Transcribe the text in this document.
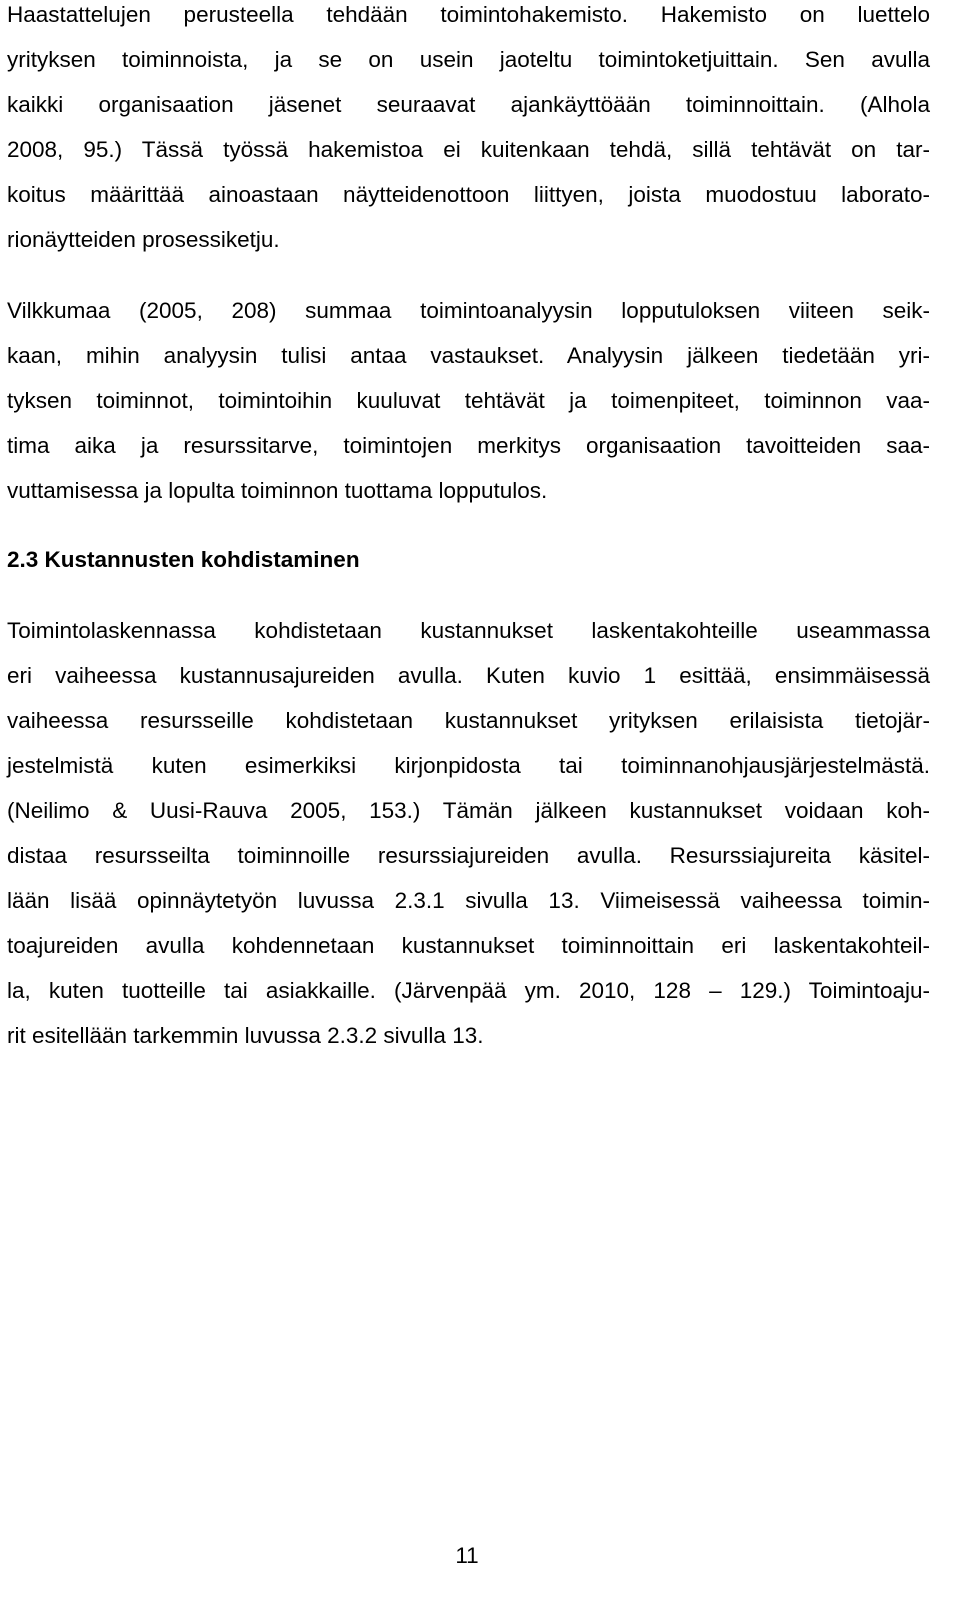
Haastattelujen perusteella tehdään toimintohakemisto. Hakemisto on luettelo
yrityksen toiminnoista, ja se on usein jaoteltu toimintoketjuittain. Sen avulla
kaikki organisaation jäsenet seuraavat ajankäyttöään toiminnoittain. (Alhola
2008, 95.) Tässä työssä hakemistoa ei kuitenkaan tehdä, sillä tehtävät on tar-
koitus määrittää ainoastaan näytteidenottoon liittyen, joista muodostuu laborato-
rionäytteiden prosessiketju.
Vilkkumaa (2005, 208) summaa toimintoanalyysin lopputuloksen viiteen seik-
kaan, mihin analyysin tulisi antaa vastaukset. Analyysin jälkeen tiedetään yri-
tyksen toiminnot, toimintoihin kuuluvat tehtävät ja toimenpiteet, toiminnon vaa-
tima aika ja resurssitarve, toimintojen merkitys organisaation tavoitteiden saa-
vuttamisessa ja lopulta toiminnon tuottama lopputulos.
2.3 Kustannusten kohdistaminen
Toimintolaskennassa kohdistetaan kustannukset laskentakohteille useammassa
eri vaiheessa kustannusajureiden avulla. Kuten kuvio 1 esittää, ensimmäisessä
vaiheessa resursseille kohdistetaan kustannukset yrityksen erilaisista tietojär-
jestelmistä kuten esimerkiksi kirjonpidosta tai toiminnanohjausjärjestelmästä.
(Neilimo & Uusi-Rauva 2005, 153.) Tämän jälkeen kustannukset voidaan koh-
distaa resursseilta toiminnoille resurssiajureiden avulla. Resurssiajureita käsitel-
lään lisää opinnäytetyön luvussa 2.3.1 sivulla 13. Viimeisessä vaiheessa toimin-
toajureiden avulla kohdennetaan kustannukset toiminnoittain eri laskentakohteil-
la, kuten tuotteille tai asiakkaille. (Järvenpää ym. 2010, 128 – 129.) Toimintoaju-
rit esitellään tarkemmin luvussa 2.3.2 sivulla 13.
11
